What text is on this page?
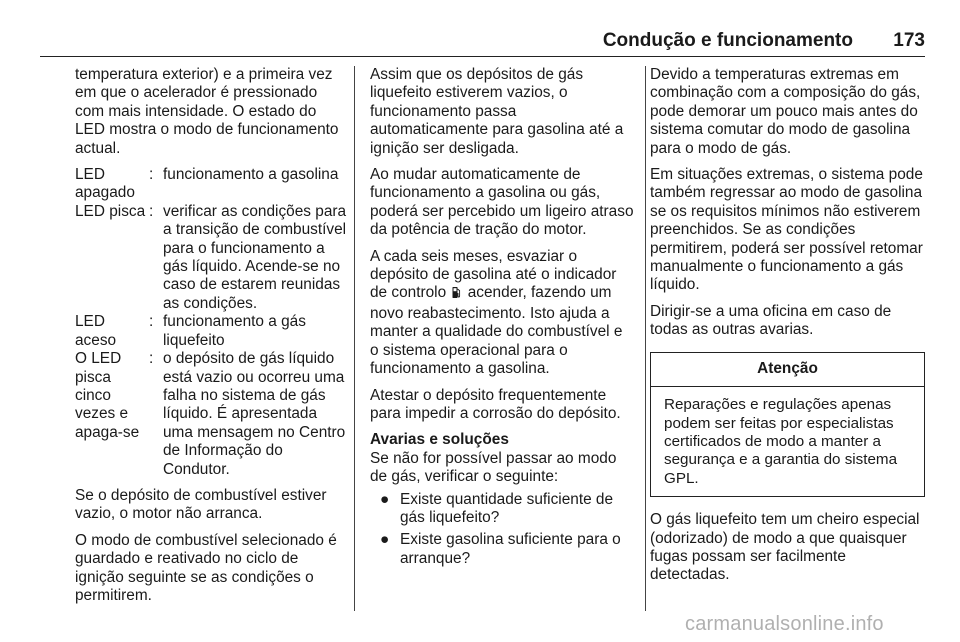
Condução e funcionamento 173

temperatura exterior) e a primeira vez em que o acelerador é pressionado com mais intensidade. O estado do LED mostra o modo de funcionamento actual.

LED apagado
: funcionamento a gasolina
LED pisca : verificar as condições para a transição de combustível para o funcionamento a gás líquido. Acende-se no caso de estarem reunidas as condições.
LED aceso
: funcionamento a gás liquefeito
O LED pisca cinco vezes e apaga-se
: o depósito de gás líquido está vazio ou ocorreu uma falha no sistema de gás líquido. É apresentada uma mensagem no Centro de Informação do Condutor.

Se o depósito de combustível estiver vazio, o motor não arranca.

O modo de combustível selecionado é guardado e reativado no ciclo de ignição seguinte se as condições o permitirem.

Assim que os depósitos de gás liquefeito estiverem vazios, o funcionamento passa automaticamente para gasolina até a ignição ser desligada.

Ao mudar automaticamente de funcionamento a gasolina ou gás, poderá ser percebido um ligeiro atraso da potência de tração do motor.

A cada seis meses, esvaziar o depósito de gasolina até o indicador de controlo  acender, fazendo um novo reabastecimento. Isto ajuda a manter a qualidade do combustível e o sistema operacional para o funcionamento a gasolina.

Atestar o depósito frequentemente para impedir a corrosão do depósito.

Avarias e soluções

Se não for possível passar ao modo de gás, verificar o seguinte:

● Existe quantidade suficiente de gás liquefeito?
● Existe gasolina suficiente para o arranque?

Devido a temperaturas extremas em combinação com a composição do gás, pode demorar um pouco mais antes do sistema comutar do modo de gasolina para o modo de gás.

Em situações extremas, o sistema pode também regressar ao modo de gasolina se os requisitos mínimos não estiverem preenchidos. Se as condições permitirem, poderá ser possível retomar manualmente o funcionamento a gás líquido.

Dirigir-se a uma oficina em caso de todas as outras avarias.

Atenção
Reparações e regulações apenas podem ser feitas por especialistas certificados de modo a manter a segurança e a garantia do sistema GPL.

O gás liquefeito tem um cheiro especial (odorizado) de modo a que quaisquer fugas possam ser facilmente detectadas.

carmanualsonline.info
